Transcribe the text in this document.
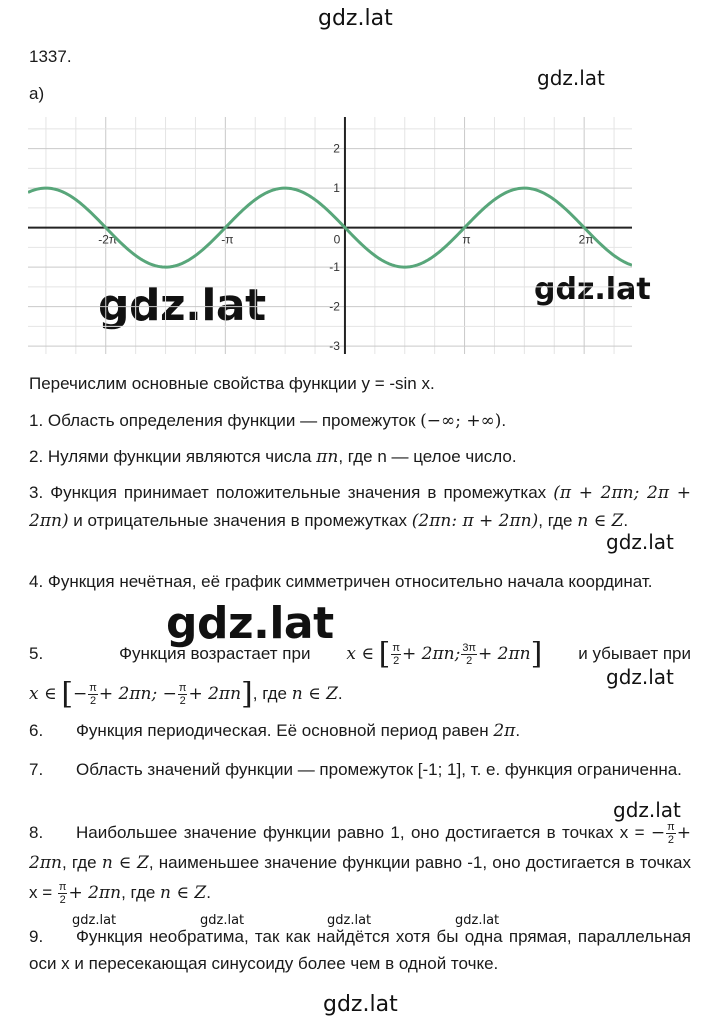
gdz.lat
gdz.lat
gdz.lat	gdz.lat
gdz.lat
gdz.lat
gdz.lat
gdz.lat
gdz.lat	gdz.lat	gdz.lat	gdz.lat
gdz.lat
1337.
а)
-2π	-π	0	π	2π
2
1
-1
-2
-3
Перечислим основные свойства функции y = -sin x.
1. Область определения функции — промежуток (−∞; +∞).
2. Нулями функции являются числа πn, где n — целое число.
3. Функция принимает положительные значения в промежутках (π + 2πn; 2π + 2πn) и отрицательные значения в промежутках (2πn: π + 2πn), где n ∈ Z.
4. Функция нечётная, её график симметричен относительно начала координат.
5.	Функция возрастает при x ∈ [ $\frac{\pi}{2} + 2\pi n$; $\frac{3\pi}{2} + 2\pi n$] и убывает при
x ∈ [− $\frac{\pi}{2} + 2\pi n$; − $\frac{\pi}{2} + 2\pi n$], где n ∈ Z.
6. Функция периодическая. Её основной период равен 2π.
7. Область значений функции — промежуток [-1; 1], т. е. функция ограниченна.
8. Наибольшее значение функции равно 1, оно достигается в точках x = − $\frac{\pi}{2} + 2\pi n$, где n ∈ Z, наименьшее значение функции равно -1, оно достигается в точках $x = \frac{\pi}{2} + 2\pi n$, где n ∈ Z.
9. Функция необратима, так как найдётся хотя бы одна прямая, параллельная оси x и пересекающая синусоиду более чем в одной точке.
